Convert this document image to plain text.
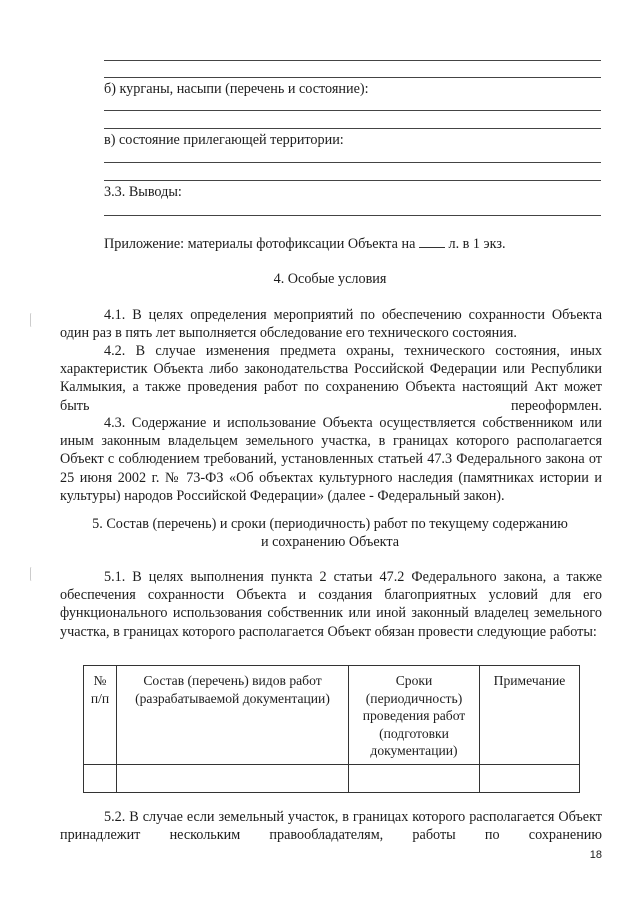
б) курганы, насыпи (перечень и состояние):
в) состояние прилегающей территории:
3.3. Выводы:
Приложение: материалы фотофиксации Объекта на л. в 1 экз.
4. Особые условия
4.1. В целях определения мероприятий по обеспечению сохранности Объекта один раз в пять лет выполняется обследование его технического состояния.
4.2. В случае изменения предмета охраны, технического состояния, иных характеристик Объекта либо законодательства Российской Федерации или Республики Калмыкия, а также проведения работ по сохранению Объекта настоящий Акт может быть переоформлен.
4.3. Содержание и использование Объекта осуществляется собственником или иным законным владельцем земельного участка, в границах которого располагается Объект с соблюдением требований, установленных статьей 47.3 Федерального закона от 25 июня 2002 г. № 73-ФЗ «Об объектах культурного наследия (памятниках истории и культуры) народов Российской Федерации» (далее - Федеральный закон).
5. Состав (перечень) и сроки (периодичность) работ по текущему содержанию
и сохранению Объекта
5.1. В целях выполнения пункта 2 статьи 47.2 Федерального закона, а также обеспечения сохранности Объекта и создания благоприятных условий для его функционального использования собственник или иной законный владелец земельного участка, в границах которого располагается Объект обязан провести следующие работы:
№ п/п	Состав (перечень) видов работ (разрабатываемой документации)	Сроки (периодичность) проведения работ (подготовки документации)	Примечание

5.2. В случае если земельный участок, в границах которого располагается Объект принадлежит нескольким правообладателям, работы по сохранению
18
